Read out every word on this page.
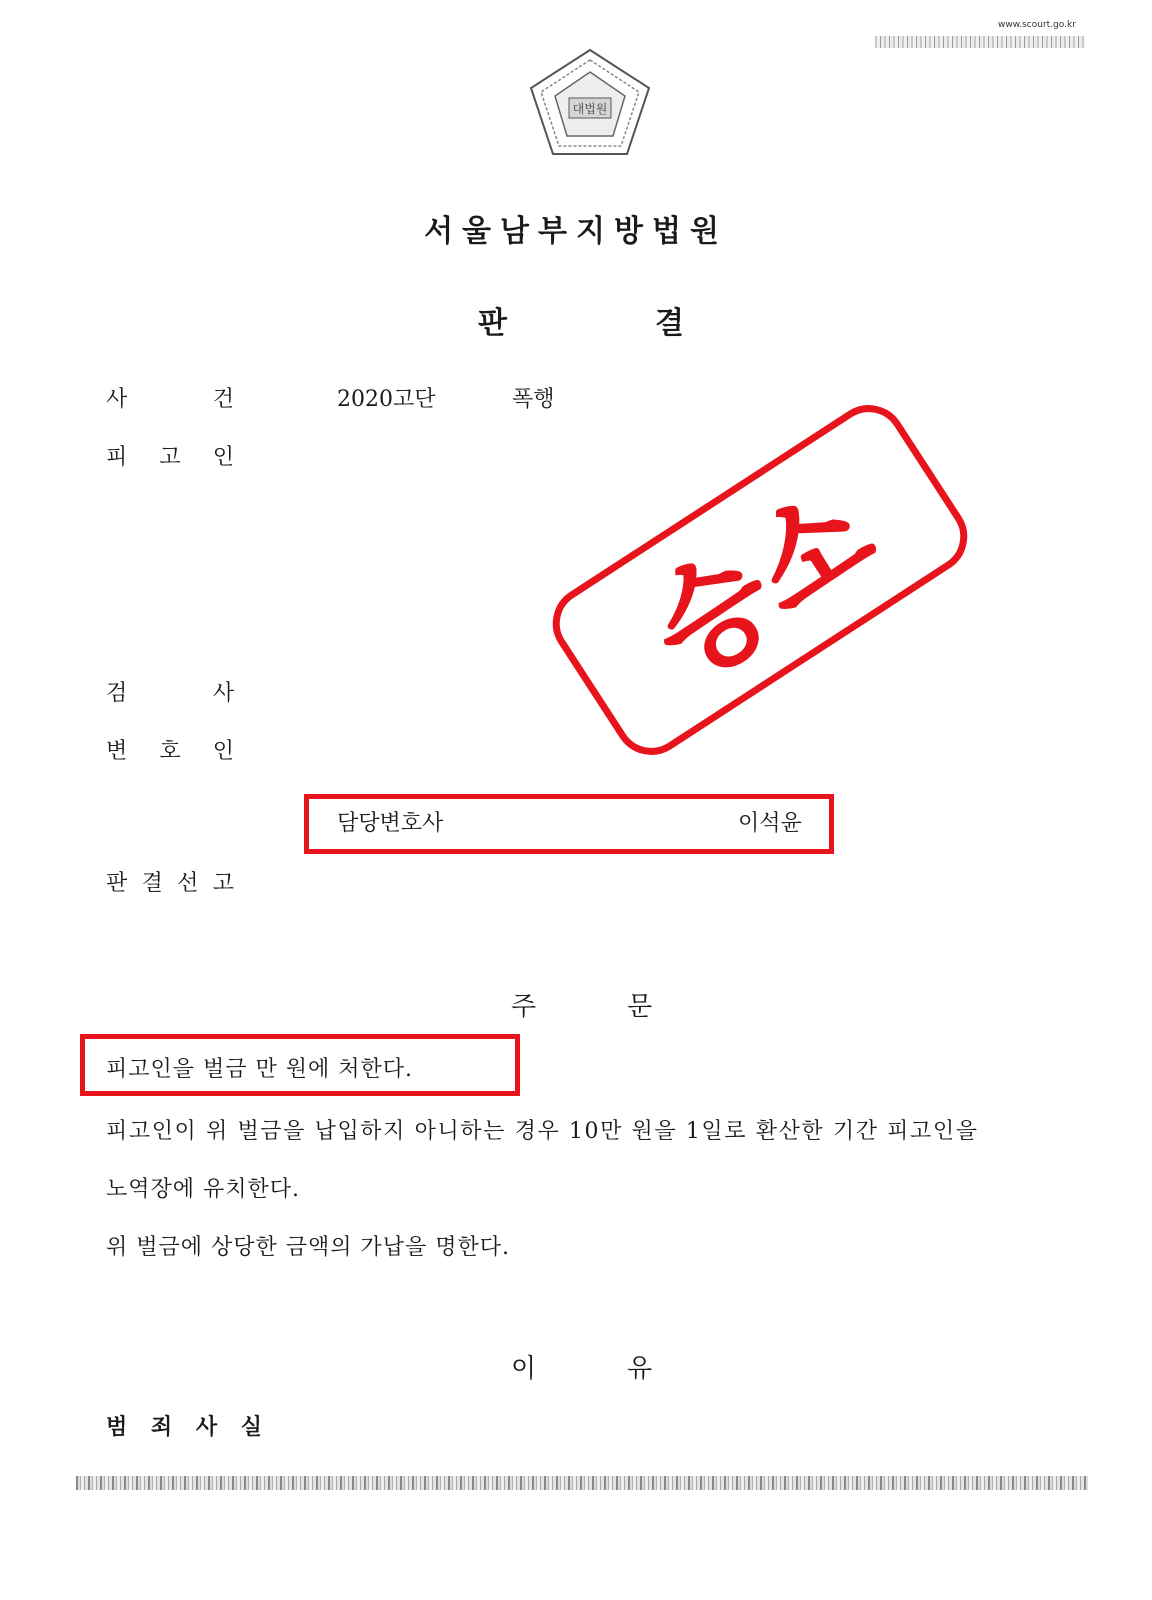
www.scourt.go.kr
대법원
서울남부지방법원
판	결
사	건	2020고단	폭행
피 고 인
검	사
변 호 인
담당변호사	이석윤
판 결 선 고
승소
주	문
피고인을 벌금 만 원에 처한다.
피고인이 위 벌금을 납입하지 아니하는 경우 10만 원을 1일로 환산한 기간 피고인을
노역장에 유치한다.
위 벌금에 상당한 금액의 가납을 명한다.
이	유
범 죄 사 실
